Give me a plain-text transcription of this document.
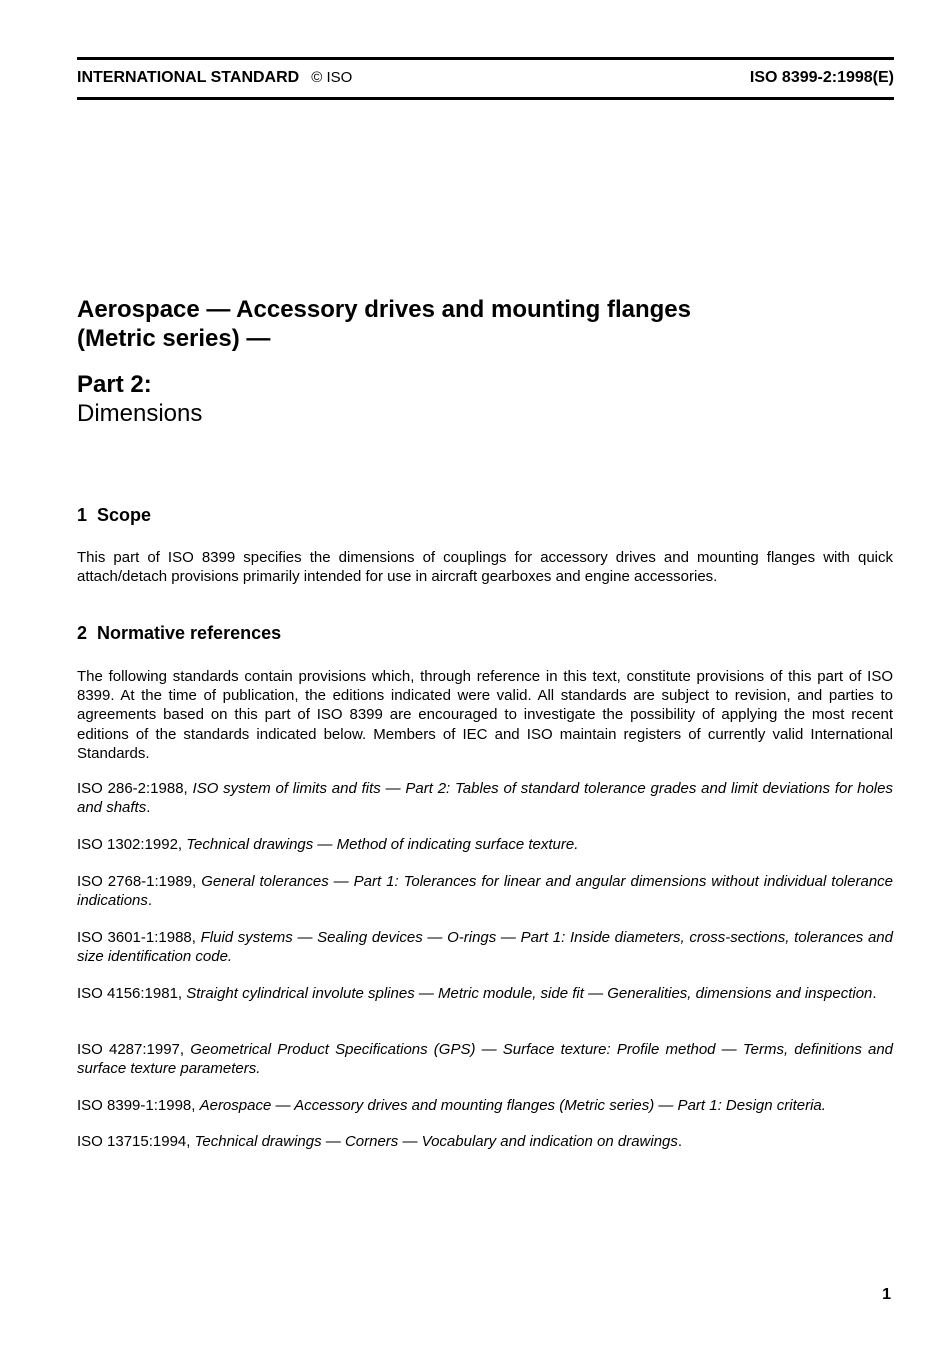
INTERNATIONAL STANDARD © ISO	ISO 8399-2:1998(E)
Aerospace — Accessory drives and mounting flanges
(Metric series) —
Part 2:
Dimensions
1 Scope
This part of ISO 8399 specifies the dimensions of couplings for accessory drives and mounting flanges with quick attach/detach provisions primarily intended for use in aircraft gearboxes and engine accessories.
2 Normative references
The following standards contain provisions which, through reference in this text, constitute provisions of this part of ISO 8399. At the time of publication, the editions indicated were valid. All standards are subject to revision, and parties to agreements based on this part of ISO 8399 are encouraged to investigate the possibility of applying the most recent editions of the standards indicated below. Members of IEC and ISO maintain registers of currently valid International Standards.
ISO 286-2:1988, ISO system of limits and fits — Part 2: Tables of standard tolerance grades and limit deviations for holes and shafts.
ISO 1302:1992, Technical drawings — Method of indicating surface texture.
ISO 2768-1:1989, General tolerances — Part 1: Tolerances for linear and angular dimensions without individual tolerance indications.
ISO 3601-1:1988, Fluid systems — Sealing devices — O-rings — Part 1: Inside diameters, cross-sections, tolerances and size identification code.
ISO 4156:1981, Straight cylindrical involute splines — Metric module, side fit — Generalities, dimensions and inspection.
ISO 4287:1997, Geometrical Product Specifications (GPS) — Surface texture: Profile method — Terms, definitions and surface texture parameters.
ISO 8399-1:1998, Aerospace — Accessory drives and mounting flanges (Metric series) — Part 1: Design criteria.
ISO 13715:1994, Technical drawings — Corners — Vocabulary and indication on drawings.
1
